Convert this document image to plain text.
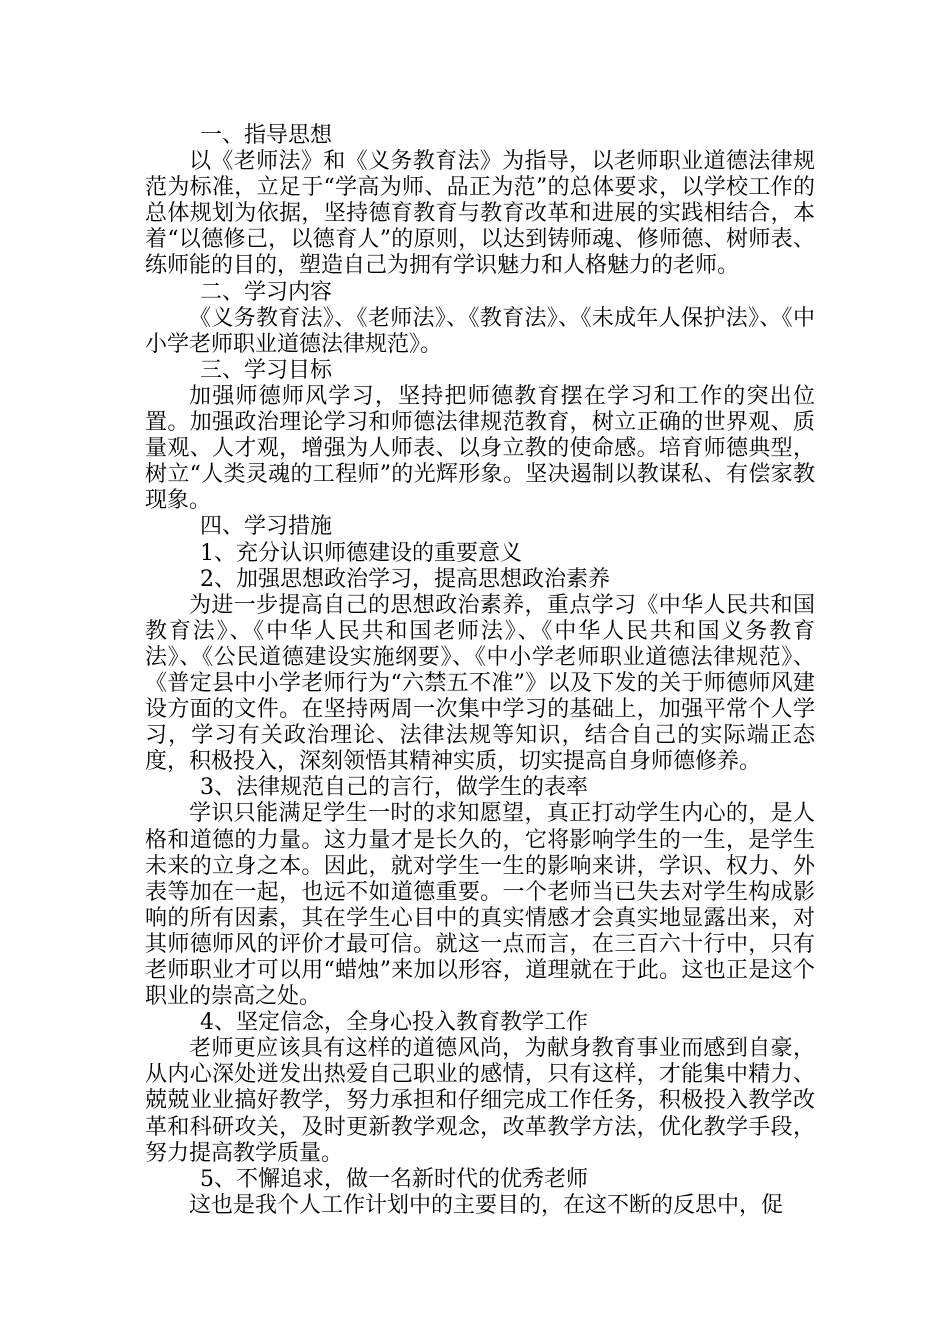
一、指导思想

以《老师法》和《义务教育法》为指导，以老师职业道德法律规范为标准，立足于“学高为师、品正为范”的总体要求，以学校工作的总体规划为依据，坚持德育教育与教育改革和进展的实践相结合，本着“以德修己，以德育人”的原则，以达到铸师魂、修师德、树师表、练师能的目的，塑造自己为拥有学识魅力和人格魅力的老师。

二、学习内容

《义务教育法》、《老师法》、《教育法》、《未成年人保护法》、《中小学老师职业道德法律规范》。

三、学习目标

加强师德师风学习，坚持把师德教育摆在学习和工作的突出位置。加强政治理论学习和师德法律规范教育，树立正确的世界观、质量观、人才观，增强为人师表、以身立教的使命感。培育师德典型，树立“人类灵魂的工程师”的光辉形象。坚决遏制以教谋私、有偿家教现象。

四、学习措施

1、充分认识师德建设的重要意义

2、加强思想政治学习，提高思想政治素养

为进一步提高自己的思想政治素养，重点学习《中华人民共和国教育法》、《中华人民共和国老师法》、《中华人民共和国义务教育法》、《公民道德建设实施纲要》、《中小学老师职业道德法律规范》、《普定县中小学老师行为“六禁五不准”》以及下发的关于师德师风建设方面的文件。在坚持两周一次集中学习的基础上，加强平常个人学习，学习有关政治理论、法律法规等知识，结合自己的实际端正态度，积极投入，深刻领悟其精神实质，切实提高自身师德修养。

3、法律规范自己的言行，做学生的表率

学识只能满足学生一时的求知愿望，真正打动学生内心的，是人格和道德的力量。这力量才是长久的，它将影响学生的一生，是学生未来的立身之本。因此，就对学生一生的影响来讲，学识、权力、外表等加在一起，也远不如道德重要。一个老师当已失去对学生构成影响的所有因素，其在学生心目中的真实情感才会真实地显露出来，对其师德师风的评价才最可信。就这一点而言，在三百六十行中，只有老师职业才可以用“蜡烛”来加以形容，道理就在于此。这也正是这个职业的崇高之处。

4、坚定信念，全身心投入教育教学工作

老师更应该具有这样的道德风尚，为献身教育事业而感到自豪，从内心深处迸发出热爱自己职业的感情，只有这样，才能集中精力、兢兢业业搞好教学，努力承担和仔细完成工作任务，积极投入教学改革和科研攻关，及时更新教学观念，改革教学方法，优化教学手段，努力提高教学质量。

5、不懈追求，做一名新时代的优秀老师

这也是我个人工作计划中的主要目的，在这不断的反思中，促
